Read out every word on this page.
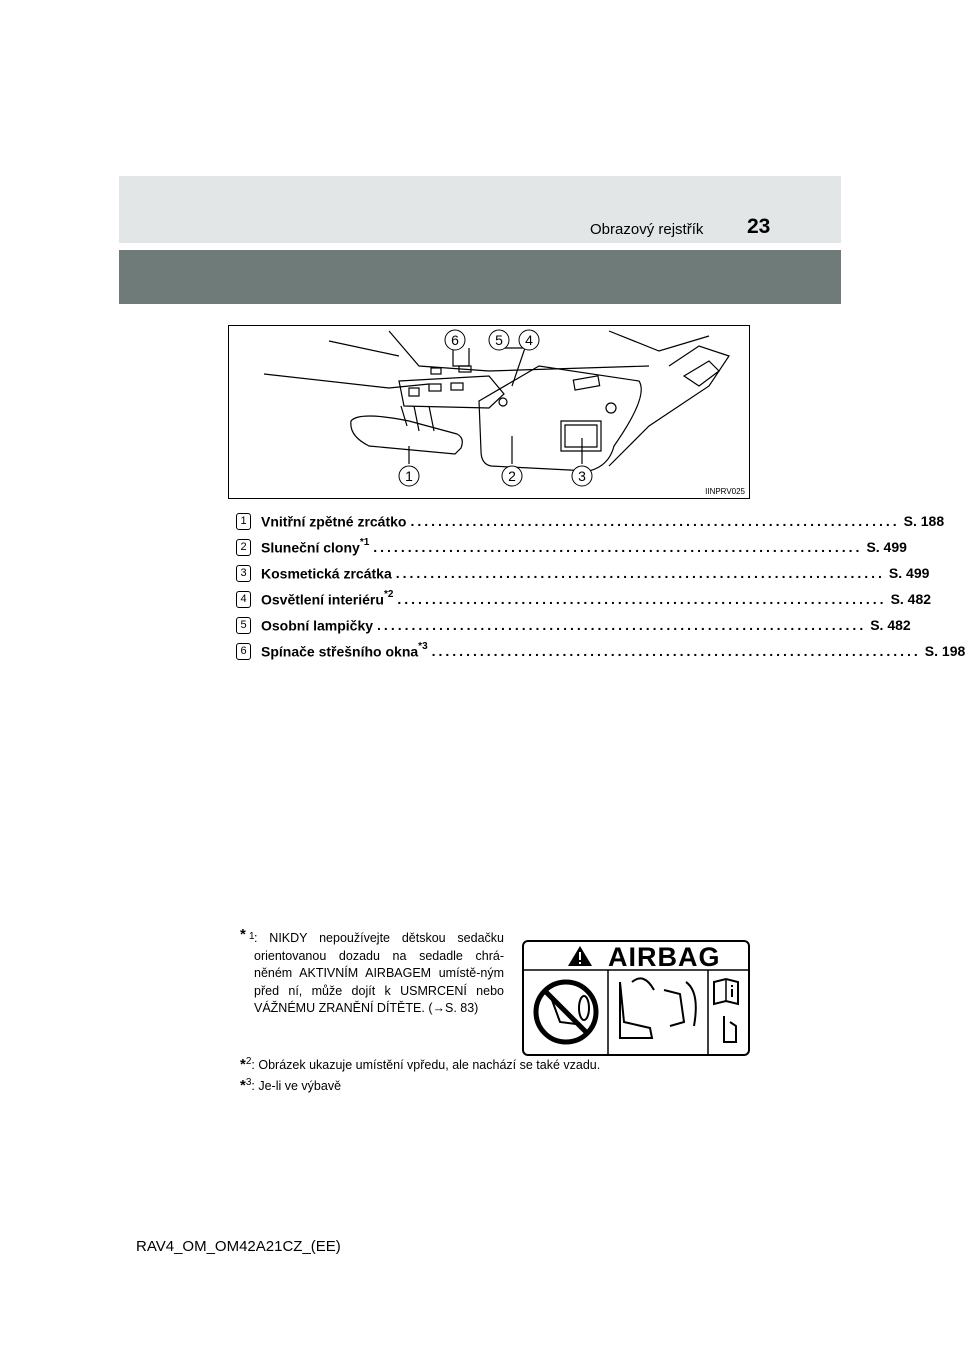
Obrazový rejstřík 23
1	2	3
4
5
6
IINPRV025
1	Vnitřní zpětné zrcátko ....................................................................... S. 188
2	Sluneční clony$^{*1}$ ....................................................................... S. 499
3	Kosmetická zrcátka ....................................................................... S. 499
4	Osvětlení interiéru$^{*2}$ ....................................................................... S. 482
5	Osobní lampičky ....................................................................... S. 482
6	Spínače střešního okna$^{*3}$ ....................................................................... S. 198
* 1 : NIKDY nepoužívejte dětskou sedačku orientovanou dozadu na sedadle chrá-něném AKTIVNÍM AIRBAGEM umístě-ným před ní, může dojít k USMRCENÍ nebo VÁŽNÉMU ZRANĚNÍ DÍTĚTE. (→S. 83)
*$^2$: Obrázek ukazuje umístění vpředu, ale nachází se také vzadu.
*$^3$: Je-li ve výbavě
AIRBAG
RAV4_OM_OM42A21CZ_(EE)
